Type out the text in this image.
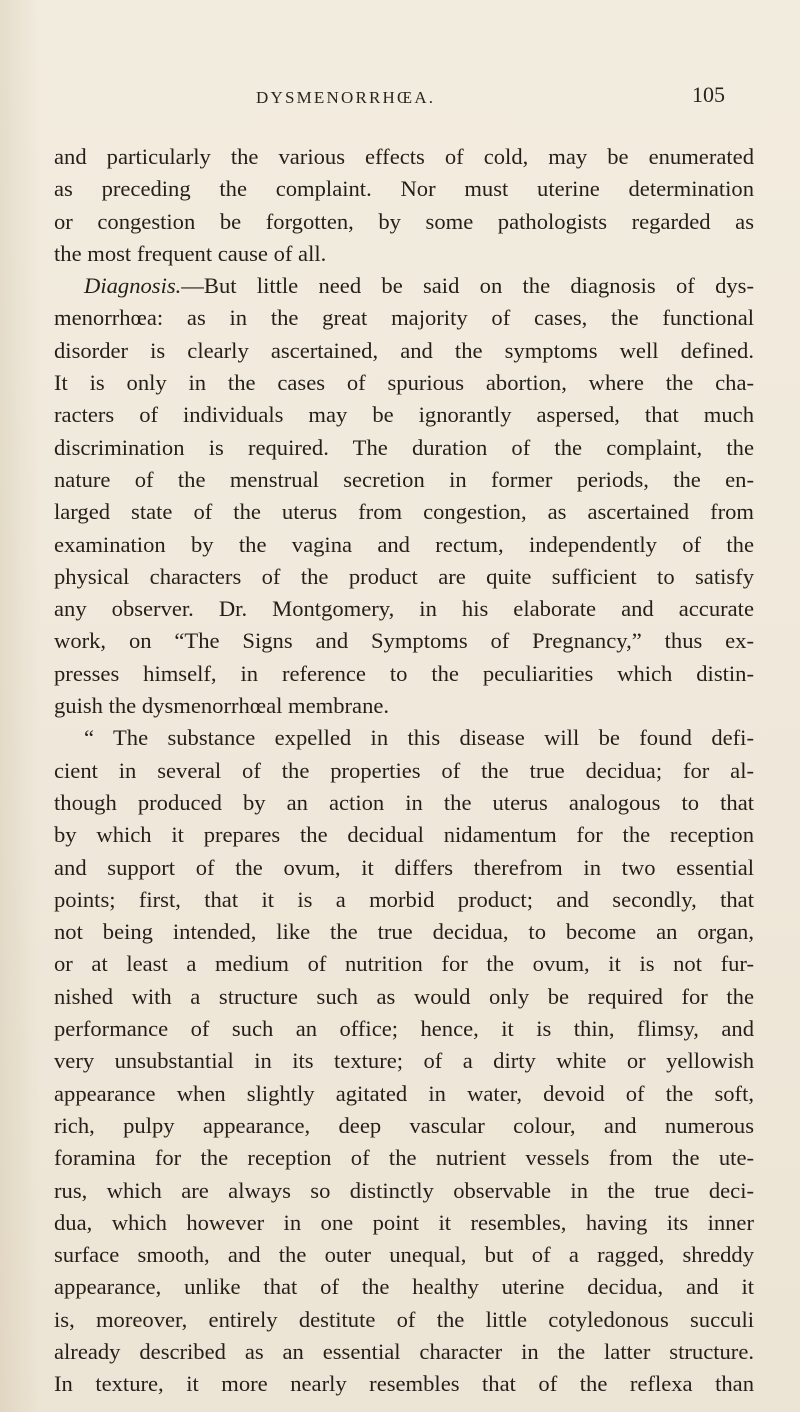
DYSMENORRHŒA.	105
and particularly the various effects of cold, may be enumerated
as preceding the complaint. Nor must uterine determination
or congestion be forgotten, by some pathologists regarded as
the most frequent cause of all.
Diagnosis.—But little need be said on the diagnosis of dys-
menorrhœa: as in the great majority of cases, the functional
disorder is clearly ascertained, and the symptoms well defined.
It is only in the cases of spurious abortion, where the cha-
racters of individuals may be ignorantly aspersed, that much
discrimination is required. The duration of the complaint, the
nature of the menstrual secretion in former periods, the en-
larged state of the uterus from congestion, as ascertained from
examination by the vagina and rectum, independently of the
physical characters of the product are quite sufficient to satisfy
any observer. Dr. Montgomery, in his elaborate and accurate
work, on “The Signs and Symptoms of Pregnancy,” thus ex-
presses himself, in reference to the peculiarities which distin-
guish the dysmenorrhœal membrane.
“ The substance expelled in this disease will be found defi-
cient in several of the properties of the true decidua; for al-
though produced by an action in the uterus analogous to that
by which it prepares the decidual nidamentum for the reception
and support of the ovum, it differs therefrom in two essential
points; first, that it is a morbid product; and secondly, that
not being intended, like the true decidua, to become an organ,
or at least a medium of nutrition for the ovum, it is not fur-
nished with a structure such as would only be required for the
performance of such an office; hence, it is thin, flimsy, and
very unsubstantial in its texture; of a dirty white or yellowish
appearance when slightly agitated in water, devoid of the soft,
rich, pulpy appearance, deep vascular colour, and numerous
foramina for the reception of the nutrient vessels from the ute-
rus, which are always so distinctly observable in the true deci-
dua, which however in one point it resembles, having its inner
surface smooth, and the outer unequal, but of a ragged, shreddy
appearance, unlike that of the healthy uterine decidua, and it
is, moreover, entirely destitute of the little cotyledonous succuli
already described as an essential character in the latter structure.
In texture, it more nearly resembles that of the reflexa than
